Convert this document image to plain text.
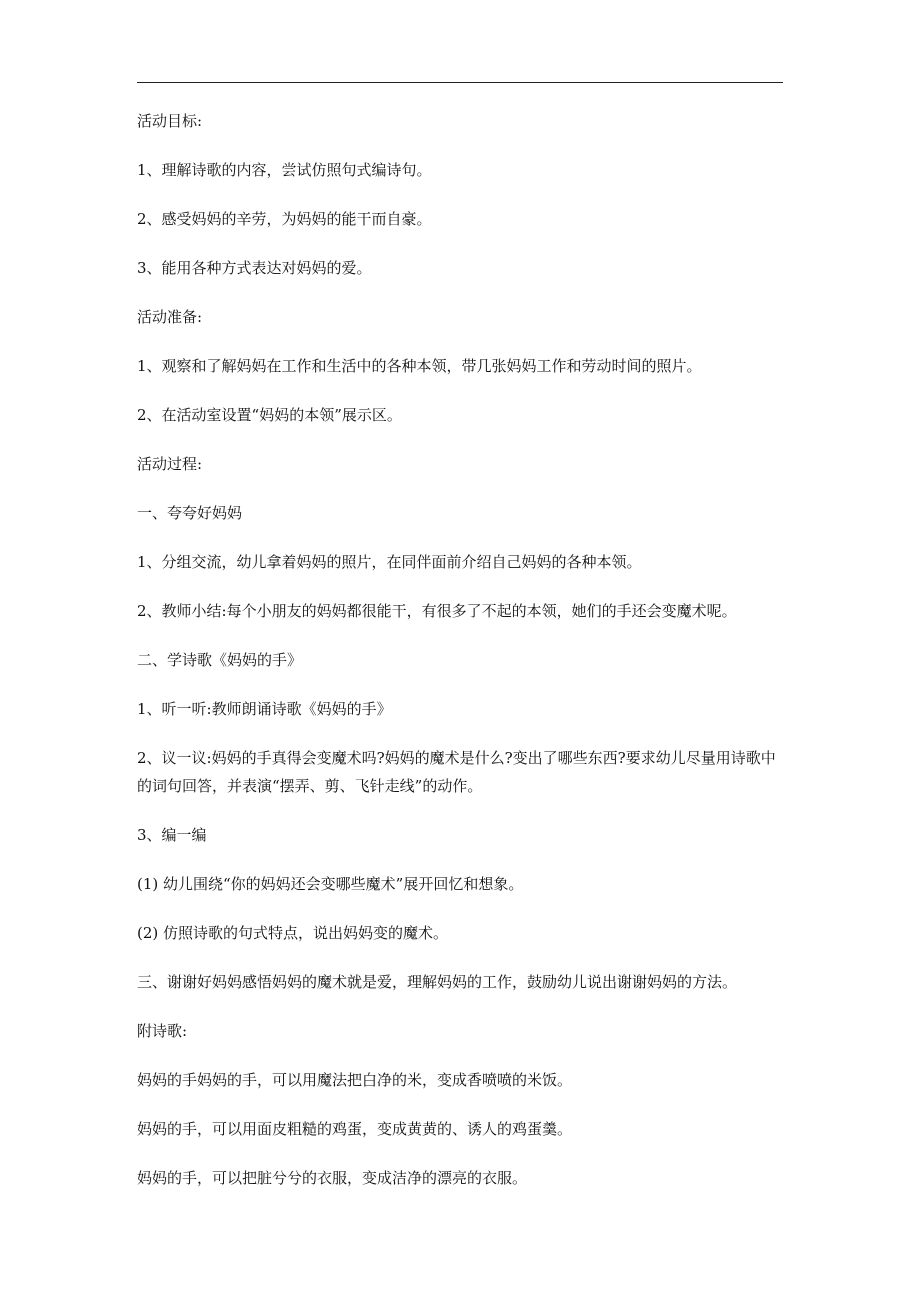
活动目标:

1、理解诗歌的内容，尝试仿照句式编诗句。

2、感受妈妈的辛劳，为妈妈的能干而自豪。

3、能用各种方式表达对妈妈的爱。

活动准备:

1、观察和了解妈妈在工作和生活中的各种本领，带几张妈妈工作和劳动时间的照片。

2、在活动室设置“妈妈的本领”展示区。

活动过程:

一、夸夸好妈妈

1、分组交流，幼儿拿着妈妈的照片，在同伴面前介绍自己妈妈的各种本领。

2、教师小结:每个小朋友的妈妈都很能干，有很多了不起的本领，她们的手还会变魔术呢。

二、学诗歌《妈妈的手》

1、听一听:教师朗诵诗歌《妈妈的手》

2、议一议:妈妈的手真得会变魔术吗?妈妈的魔术是什么?变出了哪些东西?要求幼儿尽量用诗歌中的词句回答，并表演“摆弄、剪、飞针走线”的动作。

3、编一编

(1) 幼儿围绕“你的妈妈还会变哪些魔术”展开回忆和想象。

(2) 仿照诗歌的句式特点，说出妈妈变的魔术。

三、谢谢好妈妈感悟妈妈的魔术就是爱，理解妈妈的工作，鼓励幼儿说出谢谢妈妈的方法。

附诗歌:

妈妈的手妈妈的手，可以用魔法把白净的米，变成香喷喷的米饭。

妈妈的手，可以用面皮粗糙的鸡蛋，变成黄黄的、诱人的鸡蛋羹。

妈妈的手，可以把脏兮兮的衣服，变成洁净的漂亮的衣服。
